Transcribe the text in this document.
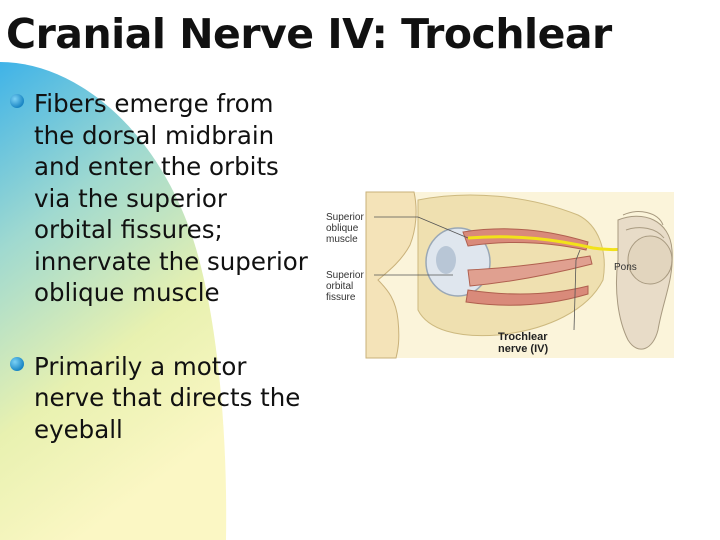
Cranial Nerve IV: Trochlear
Fibers emerge from
the dorsal midbrain
and enter the orbits
via the superior
orbital fissures;
innervate the superior
oblique muscle
Primarily a motor
nerve that directs the
eyeball
Superior
oblique
muscle
Superior
orbital
fissure
Pons
Trochlear
nerve (IV)
